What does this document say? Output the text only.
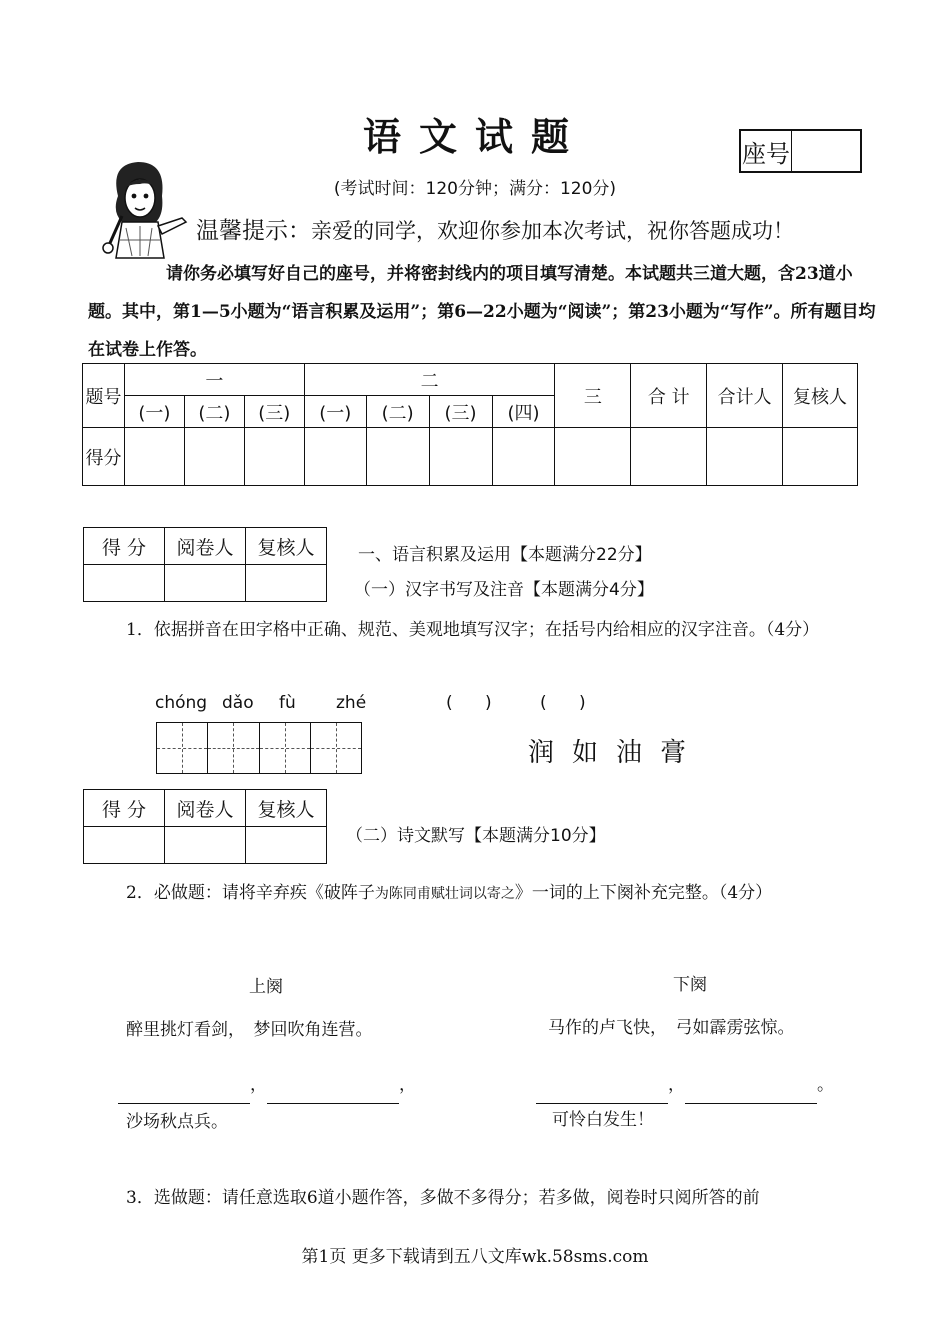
语文试题	座号
(考试时间：120分钟；满分：120分)
温馨提示：亲爱的同学，欢迎你参加本次考试，祝你答题成功！
请你务必填写好自己的座号，并将密封线内的项目填写清楚。本试题共三道大题，含23道小题。其中，第1—5小题为“语言积累及运用”；第6—22小题为“阅读”；第23小题为“写作”。所有题目均在试卷上作答。
题号	一			二				三	合 计	合计人	复核人
	(一)	(二)	(三)	(一)	(二)	(三)	(四)				
得分											
得 分	阅卷人	复核人
			一、语言积累及运用【本题满分22分】
（一）汉字书写及注音【本题满分4分】
1．依据拼音在田字格中正确、规范、美观地填写汉字；在括号内给相应的汉字注音。（4分）
chóng dǎo fù zhé	(      )	(      )
润如油膏
得 分	阅卷人	复核人

（二）诗文默写【本题满分10分】
2．必做题：请将辛弃疾《破阵子为陈同甫赋壮词以寄之》一词的上下阕补充完整。（4分）
上阕	下阕
醉里挑灯看剑，　梦回吹角连营。	马作的卢飞快，　弓如霹雳弦惊。
，	，	，	。
沙场秋点兵。	可怜白发生！
3．选做题：请任意选取6道小题作答，多做不多得分；若多做，阅卷时只阅所答的前
第1页 更多下载请到五八文库wk.58sms.com
